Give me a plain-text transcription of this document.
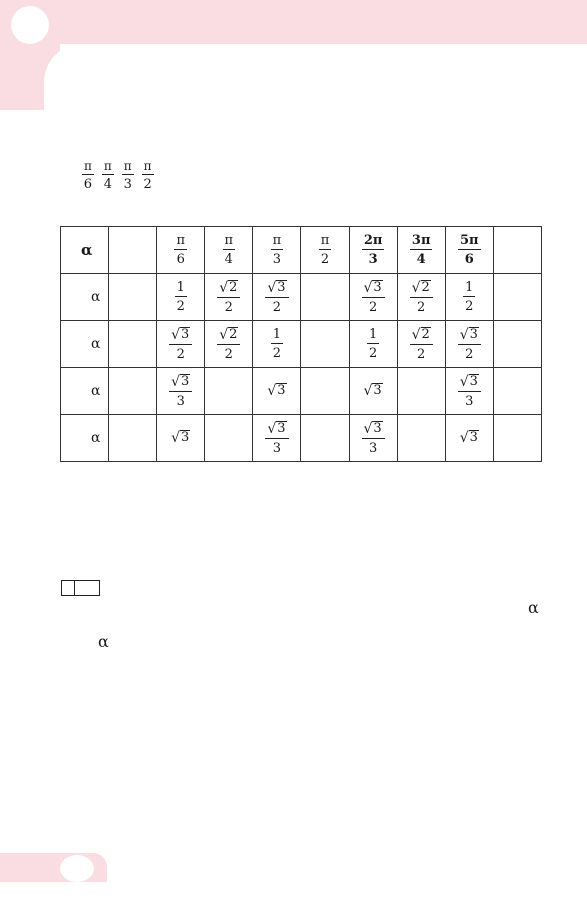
$\frac{\pi}{6} \frac{\pi}{4} \frac{\pi}{3} \frac{\pi}{2}$
α		$\frac{\pi}{6}$	$\frac{\pi}{4}$	$\frac{\pi}{3}$	$\frac{\pi}{2}$	$\frac{2\pi}{3}$	$\frac{3\pi}{4}$	$\frac{5\pi}{6}$

α		$\frac{1}{2}$	$\frac{√ 2}{2}$	$\frac{√ 3}{2}$		$\frac{√ 3}{2}$	$\frac{√ 2}{2}$	$\frac{1}{2}$

α		$\frac{√ 3}{2}$	$\frac{√ 2}{2}$	$\frac{1}{2}$		$\frac{1}{2}$	$\frac{√ 2}{2}$	$\frac{√ 3}{2}$

α		$\frac{√ 3}{3}$		√ 3		√ 3		$\frac{√ 3}{3}$

α		√ 3		$\frac{√ 3}{3}$		$\frac{√ 3}{3}$		√ 3	

α
α
